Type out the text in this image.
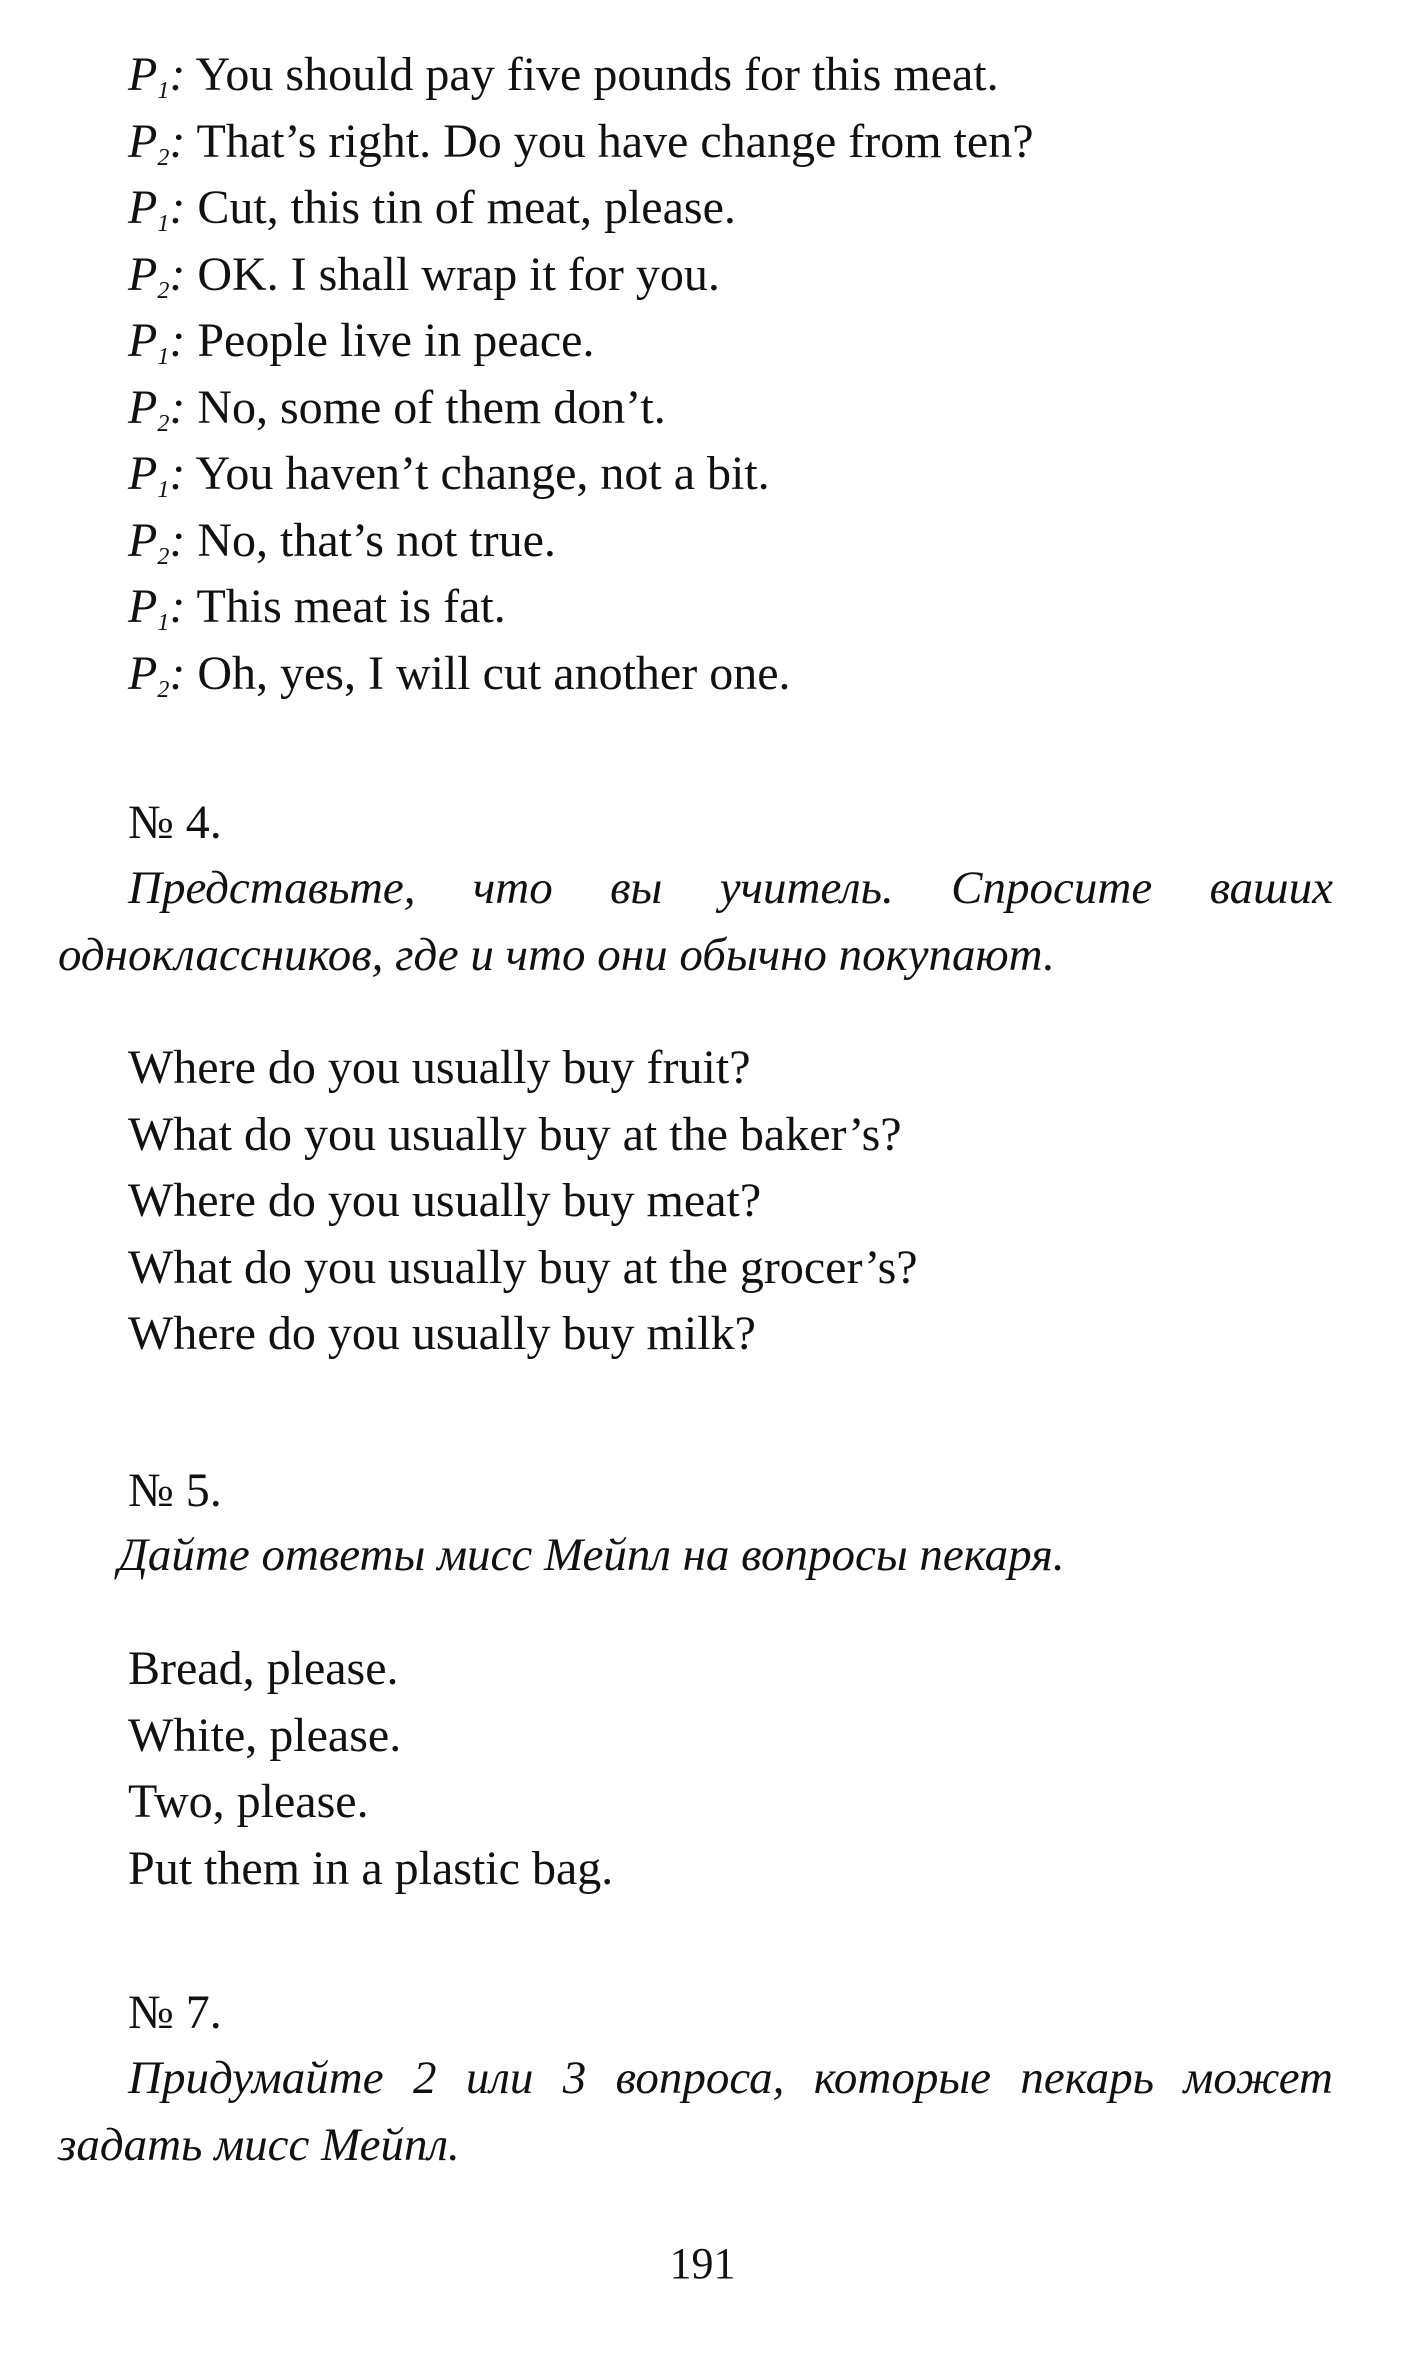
$P_1$: You should pay five pounds for this meat.
$P_2$: That’s right. Do you have change from ten?
$P_1$: Cut, this tin of meat, please.
$P_2$: OK. I shall wrap it for you.
$P_1$: People live in peace.
$P_2$: No, some of them don’t.
$P_1$: You haven’t change, not a bit.
$P_2$: No, that’s not true.
$P_1$: This meat is fat.
$P_2$: Oh, yes, I will cut another one.
№ 4.
Представьте, что вы учитель. Спросите ваших одноклассников, где и что они обычно покупают.
Where do you usually buy fruit?
What do you usually buy at the baker’s?
Where do you usually buy meat?
What do you usually buy at the grocer’s?
Where do you usually buy milk?
№ 5.
Дайте ответы мисс Мейпл на вопросы пекаря.
Bread, please.
White, please.
Two, please.
Put them in a plastic bag.
№ 7.
Придумайте 2 или 3 вопроса, которые пекарь может задать мисс Мейпл.
191
